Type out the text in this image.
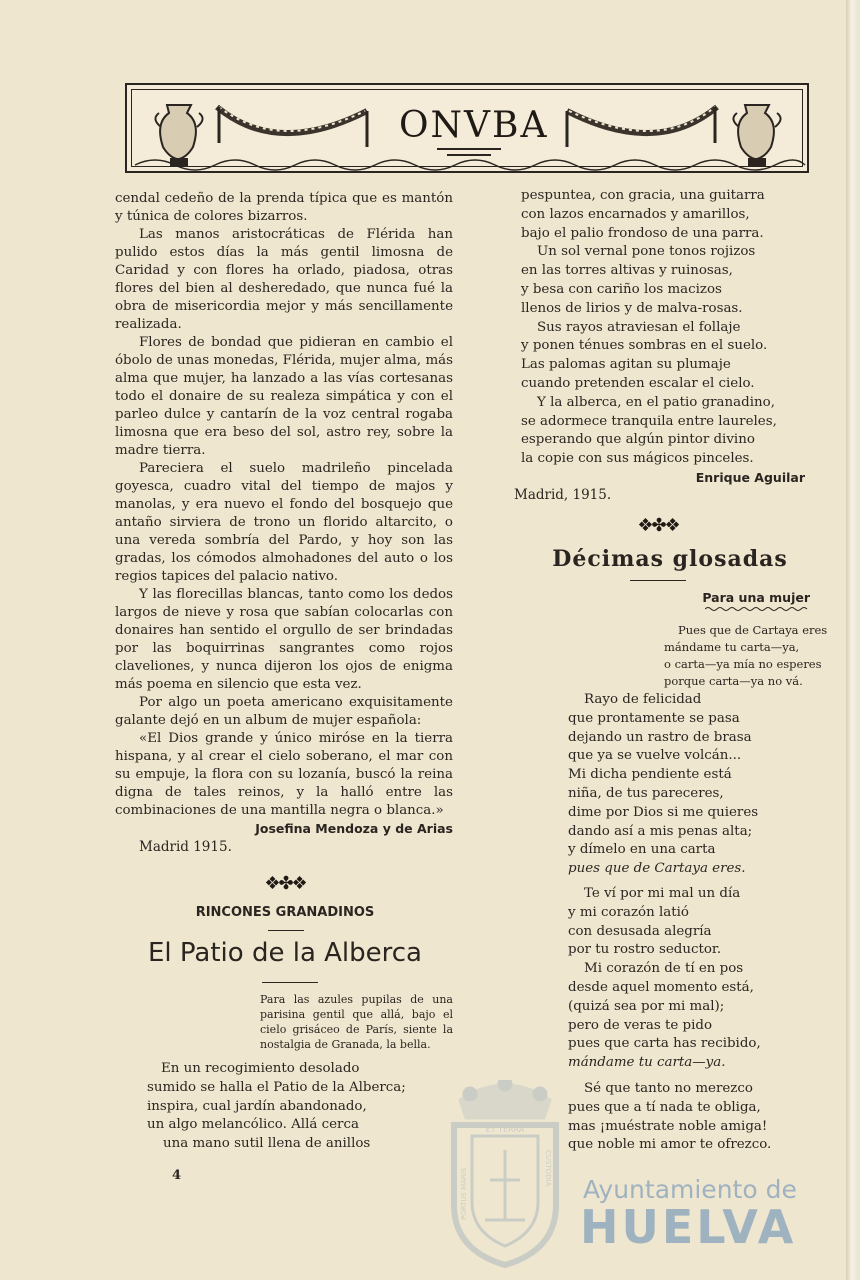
ONVBA

cendal cedeño de la prenda típica que es mantón y túnica de colores bizarros.

Las manos aristocráticas de Flérida han pulido estos días la más gentil limosna de Caridad y con flores ha orlado, piadosa, otras flores del bien al desheredado, que nunca fué la obra de misericordia mejor y más sencillamente realizada.

Flores de bondad que pidieran en cambio el óbolo de unas monedas, Flérida, mujer alma, más alma que mujer, ha lanzado a las vías cortesanas todo el donaire de su realeza simpática y con el parleo dulce y cantarín de la voz central rogaba limosna que era beso del sol, astro rey, sobre la madre tierra.

Pareciera el suelo madrileño pincelada goyesca, cuadro vital del tiempo de majos y manolas, y era nuevo el fondo del bosquejo que antaño sirviera de trono un florido altarcito, o una vereda sombría del Pardo, y hoy son las gradas, los cómodos almohadones del auto o los regios tapices del palacio nativo.

Y las florecillas blancas, tanto como los dedos largos de nieve y rosa que sabían colocarlas con donaires han sentido el orgullo de ser brindadas por las boquirrinas sangrantes como rojos claveliones, y nunca dijeron los ojos de enigma más poema en silencio que esta vez.

Por algo un poeta americano exquisitamente galante dejó en un album de mujer española:

«El Dios grande y único miróse en la tierra hispana, y al crear el cielo soberano, el mar con su empuje, la flora con su lozanía, buscó la reina digna de tales reinos, y la halló entre las combinaciones de una mantilla negra o blanca.»

Josefina Mendoza y de Arias

Madrid 1915.

❖✤❖
RINCONES GRANADINOS
El Patio de la Alberca
Para las azules pupilas de una parisina gentil que allá, bajo el cielo grisáceo de París, siente la nostalgia de Granada, la bella.
En un recogimiento desolado
sumido se halla el Patio de la Alberca;
inspira, cual jardín abandonado,
un algo melancólico. Allá cerca
una mano sutil llena de anillos
4
pespuntea, con gracia, una guitarra
con lazos encarnados y amarillos,
bajo el palio frondoso de una parra.
Un sol vernal pone tonos rojizos
en las torres altivas y ruinosas,
y besa con cariño los macizos
llenos de lirios y de malva-rosas.
Sus rayos atraviesan el follaje
y ponen ténues sombras en el suelo.
Las palomas agitan su plumaje
cuando pretenden escalar el cielo.
Y la alberca, en el patio granadino,
se adormece tranquila entre laureles,
esperando que algún pintor divino
la copie con sus mágicos pinceles.
Enrique Aguilar
Madrid, 1915.
❖✤❖
Décimas glosadas
Para una mujer
Pues que de Cartaya eres
mándame tu carta—ya,
o carta—ya mía no esperes
porque carta—ya no vá.
Rayo de felicidad
que prontamente se pasa
dejando un rastro de brasa
que ya se vuelve volcán...
Mi dicha pendiente está
niña, de tus pareceres,
dime por Dios si me quieres
dando así a mis penas alta;
y dímelo en una carta
pues que de Cartaya eres.
Te ví por mi mal un día
y mi corazón latió
con desusada alegría
por tu rostro seductor.
Mi corazón de tí en pos
desde aquel momento está,
(quizá sea por mi mal);
pero de veras te pido
pues que carta has recibido,
mándame tu carta—ya.
Sé que tanto no merezco
pues que a tí nada te obliga,
mas ¡muéstrate noble amiga!
que noble mi amor te ofrezco.
ET TERRA
PORTUS MARIS	CUSTODIA
Ayuntamiento de
HUELVA
